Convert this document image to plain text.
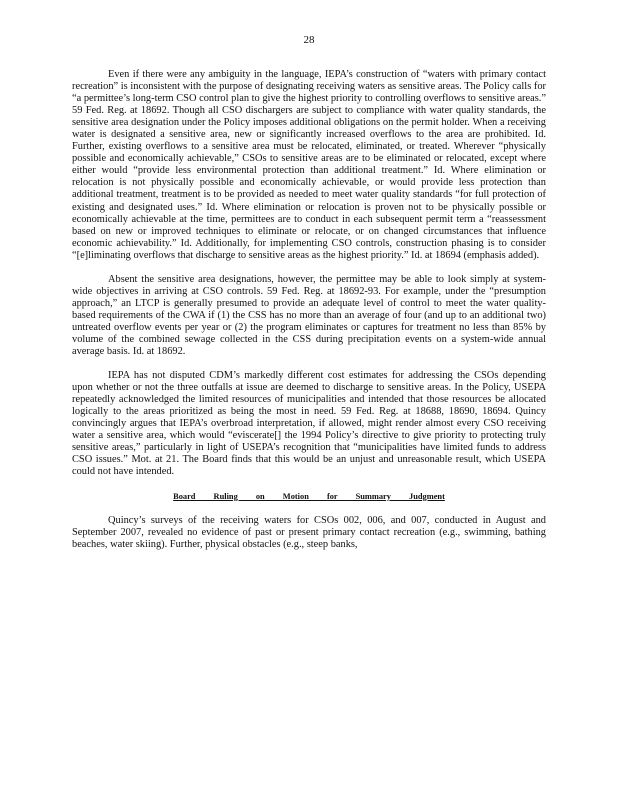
28

Even if there were any ambiguity in the language, IEPA’s construction of “waters with primary contact recreation” is inconsistent with the purpose of designating receiving waters as sensitive areas. The Policy calls for “a permittee’s long-term CSO control plan to give the highest priority to controlling overflows to sensitive areas.” 59 Fed. Reg. at 18692. Though all CSO dischargers are subject to compliance with water quality standards, the sensitive area designation under the Policy imposes additional obligations on the permit holder. When a receiving water is designated a sensitive area, new or significantly increased overflows to the area are prohibited. Id. Further, existing overflows to a sensitive area must be relocated, eliminated, or treated. Wherever “physically possible and economically achievable,” CSOs to sensitive areas are to be eliminated or relocated, except where either would “provide less environmental protection than additional treatment.” Id. Where elimination or relocation is not physically possible and economically achievable, or would provide less protection than additional treatment, treatment is to be provided as needed to meet water quality standards “for full protection of existing and designated uses.” Id. Where elimination or relocation is proven not to be physically possible or economically achievable at the time, permittees are to conduct in each subsequent permit term a “reassessment based on new or improved techniques to eliminate or relocate, or on changed circumstances that influence economic achievability.” Id. Additionally, for implementing CSO controls, construction phasing is to consider “[e]liminating overflows that discharge to sensitive areas as the highest priority.” Id. at 18694 (emphasis added).

Absent the sensitive area designations, however, the permittee may be able to look simply at system-wide objectives in arriving at CSO controls. 59 Fed. Reg. at 18692-93. For example, under the “presumption approach,” an LTCP is generally presumed to provide an adequate level of control to meet the water quality-based requirements of the CWA if (1) the CSS has no more than an average of four (and up to an additional two) untreated overflow events per year or (2) the program eliminates or captures for treatment no less than 85% by volume of the combined sewage collected in the CSS during precipitation events on a system-wide annual average basis. Id. at 18692.

IEPA has not disputed CDM’s markedly different cost estimates for addressing the CSOs depending upon whether or not the three outfalls at issue are deemed to discharge to sensitive areas. In the Policy, USEPA repeatedly acknowledged the limited resources of municipalities and intended that those resources be allocated logically to the areas prioritized as being the most in need. 59 Fed. Reg. at 18688, 18690, 18694. Quincy convincingly argues that IEPA’s overbroad interpretation, if allowed, might render almost every CSO receiving water a sensitive area, which would “eviscerate[] the 1994 Policy’s directive to give priority to protecting truly sensitive areas,” particularly in light of USEPA’s recognition that “municipalities have limited funds to address CSO issues.” Mot. at 21. The Board finds that this would be an unjust and unreasonable result, which USEPA could not have intended.

Board Ruling on Motion for Summary Judgment

Quincy’s surveys of the receiving waters for CSOs 002, 006, and 007, conducted in August and September 2007, revealed no evidence of past or present primary contact recreation (e.g., swimming, bathing beaches, water skiing). Further, physical obstacles (e.g., steep banks,
